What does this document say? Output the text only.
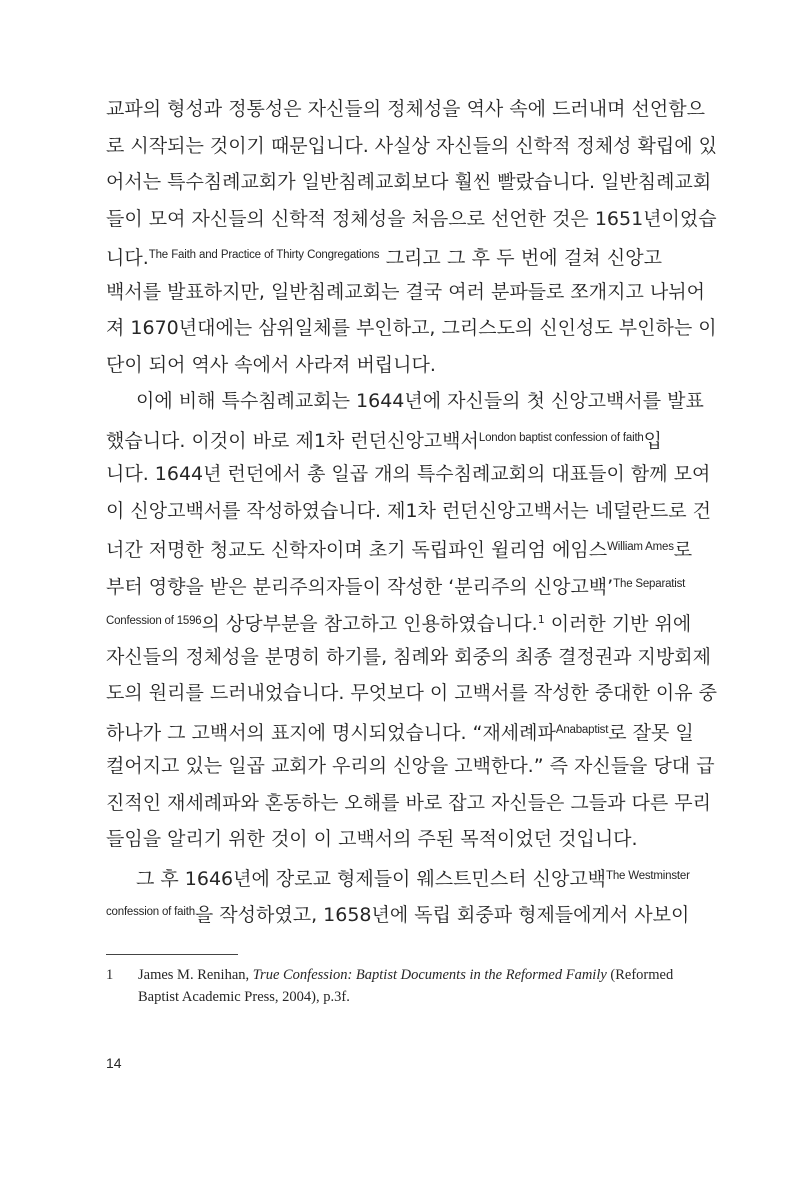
교파의 형성과 정통성은 자신들의 정체성을 역사 속에 드러내며 선언함으
로 시작되는 것이기 때문입니다. 사실상 자신들의 신학적 정체성 확립에 있
어서는 특수침례교회가 일반침례교회보다 훨씬 빨랐습니다. 일반침례교회
들이 모여 자신들의 신학적 정체성을 처음으로 선언한 것은 1651년이었습
니다.$^{The Faith and Practice of Thirty Congregations}$ 그리고 그 후 두 번에 걸쳐 신앙고
백서를 발표하지만, 일반침례교회는 결국 여러 분파들로 쪼개지고 나뉘어
져 1670년대에는 삼위일체를 부인하고, 그리스도의 신인성도 부인하는 이
단이 되어 역사 속에서 사라져 버립니다.
이에 비해 특수침례교회는 1644년에 자신들의 첫 신앙고백서를 발표
했습니다. 이것이 바로 제1차 런던신앙고백서$^{London baptist confession of faith}$입
니다. 1644년 런던에서 총 일곱 개의 특수침례교회의 대표들이 함께 모여
이 신앙고백서를 작성하였습니다. 제1차 런던신앙고백서는 네덜란드로 건
너간 저명한 청교도 신학자이며 초기 독립파인 윌리엄 에임스$^{William Ames}$로
부터 영향을 받은 분리주의자들이 작성한 ‘분리주의 신앙고백’$^{The Separatist}$
$^{Confession of 1596}$의 상당부분을 참고하고 인용하였습니다.$^1$ 이러한 기반 위에
자신들의 정체성을 분명히 하기를, 침례와 회중의 최종 결정권과 지방회제
도의 원리를 드러내었습니다. 무엇보다 이 고백서를 작성한 중대한 이유 중
하나가 그 고백서의 표지에 명시되었습니다. “재세례파$^{Anabaptist}$로 잘못 일
컬어지고 있는 일곱 교회가 우리의 신앙을 고백한다.” 즉 자신들을 당대 급
진적인 재세례파와 혼동하는 오해를 바로 잡고 자신들은 그들과 다른 무리
들임을 알리기 위한 것이 이 고백서의 주된 목적이었던 것입니다.
그 후 1646년에 장로교 형제들이 웨스트민스터 신앙고백$^{The Westminster}$
$^{confession of faith}$을 작성하였고, 1658년에 독립 회중파 형제들에게서 사보이
1 James M. Renihan, True Confession: Baptist Documents in the Reformed Family (Reformed
Baptist Academic Press, 2004), p.3f.
14
